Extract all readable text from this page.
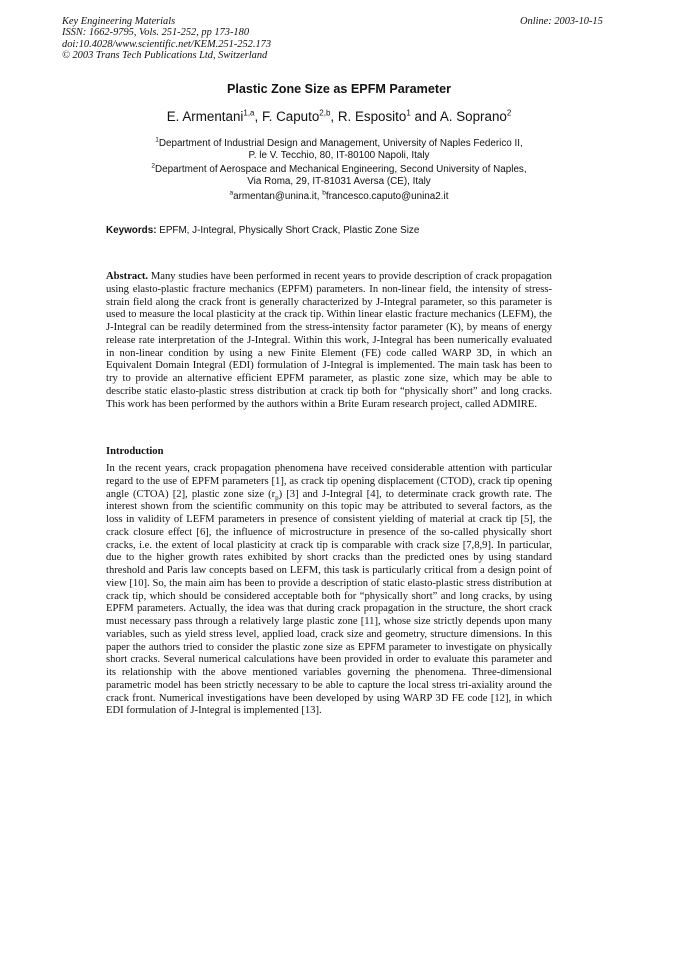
Key Engineering Materials
ISSN: 1662-9795, Vols. 251-252, pp 173-180
doi:10.4028/www.scientific.net/KEM.251-252.173
© 2003 Trans Tech Publications Ltd, Switzerland
Online: 2003-10-15
Plastic Zone Size as EPFM Parameter
E. Armentani$^{1,a}$, F. Caputo$^{2,b}$, R. Esposito$^1$ and A. Soprano$^2$
$^1$Department of Industrial Design and Management, University of Naples Federico II,
P. le V. Tecchio, 80, IT-80100 Napoli, Italy
$^2$Department of Aerospace and Mechanical Engineering, Second University of Naples,
Via Roma, 29, IT-81031 Aversa (CE), Italy
$^a$armentan@unina.it, $^b$francesco.caputo@unina2.it
Keywords: EPFM, J-Integral, Physically Short Crack, Plastic Zone Size
Abstract. Many studies have been performed in recent years to provide description of crack propagation using elasto-plastic fracture mechanics (EPFM) parameters. In non-linear field, the intensity of stress-strain field along the crack front is generally characterized by J-Integral parameter, so this parameter is used to measure the local plasticity at the crack tip. Within linear elastic fracture mechanics (LEFM), the J-Integral can be readily determined from the stress-intensity factor parameter (K), by means of energy release rate interpretation of the J-Integral. Within this work, J-Integral has been numerically evaluated in non-linear condition by using a new Finite Element (FE) code called WARP 3D, in which an Equivalent Domain Integral (EDI) formulation of J-Integral is implemented. The main task has been to try to provide an alternative efficient EPFM parameter, as plastic zone size, which may be able to describe static elasto-plastic stress distribution at crack tip both for “physically short” and long cracks. This work has been performed by the authors within a Brite Euram research project, called ADMIRE.
Introduction
In the recent years, crack propagation phenomena have received considerable attention with particular regard to the use of EPFM parameters [1], as crack tip opening displacement (CTOD), crack tip opening angle (CTOA) [2], plastic zone size $(r_p)$ [3] and J-Integral [4], to determinate crack growth rate. The interest shown from the scientific community on this topic may be attributed to several factors, as the loss in validity of LEFM parameters in presence of consistent yielding of material at crack tip [5], the crack closure effect [6], the influence of microstructure in presence of the so-called physically short cracks, i.e. the extent of local plasticity at crack tip is comparable with crack size [7,8,9]. In particular, due to the higher growth rates exhibited by short cracks than the predicted ones by using standard threshold and Paris law concepts based on LEFM, this task is particularly critical from a design point of view [10]. So, the main aim has been to provide a description of static elasto-plastic stress distribution at crack tip, which should be considered acceptable both for “physically short” and long cracks, by using EPFM parameters. Actually, the idea was that during crack propagation in the structure, the short crack must necessary pass through a relatively large plastic zone [11], whose size strictly depends upon many variables, such as yield stress level, applied load, crack size and geometry, structure dimensions. In this paper the authors tried to consider the plastic zone size as EPFM parameter to investigate on physically short cracks. Several numerical calculations have been provided in order to evaluate this parameter and its relationship with the above mentioned variables governing the phenomena. Three-dimensional parametric model has been strictly necessary to be able to capture the local stress tri-axiality around the crack front. Numerical investigations have been developed by using WARP 3D FE code [12], in which EDI formulation of J-Integral is implemented [13].
